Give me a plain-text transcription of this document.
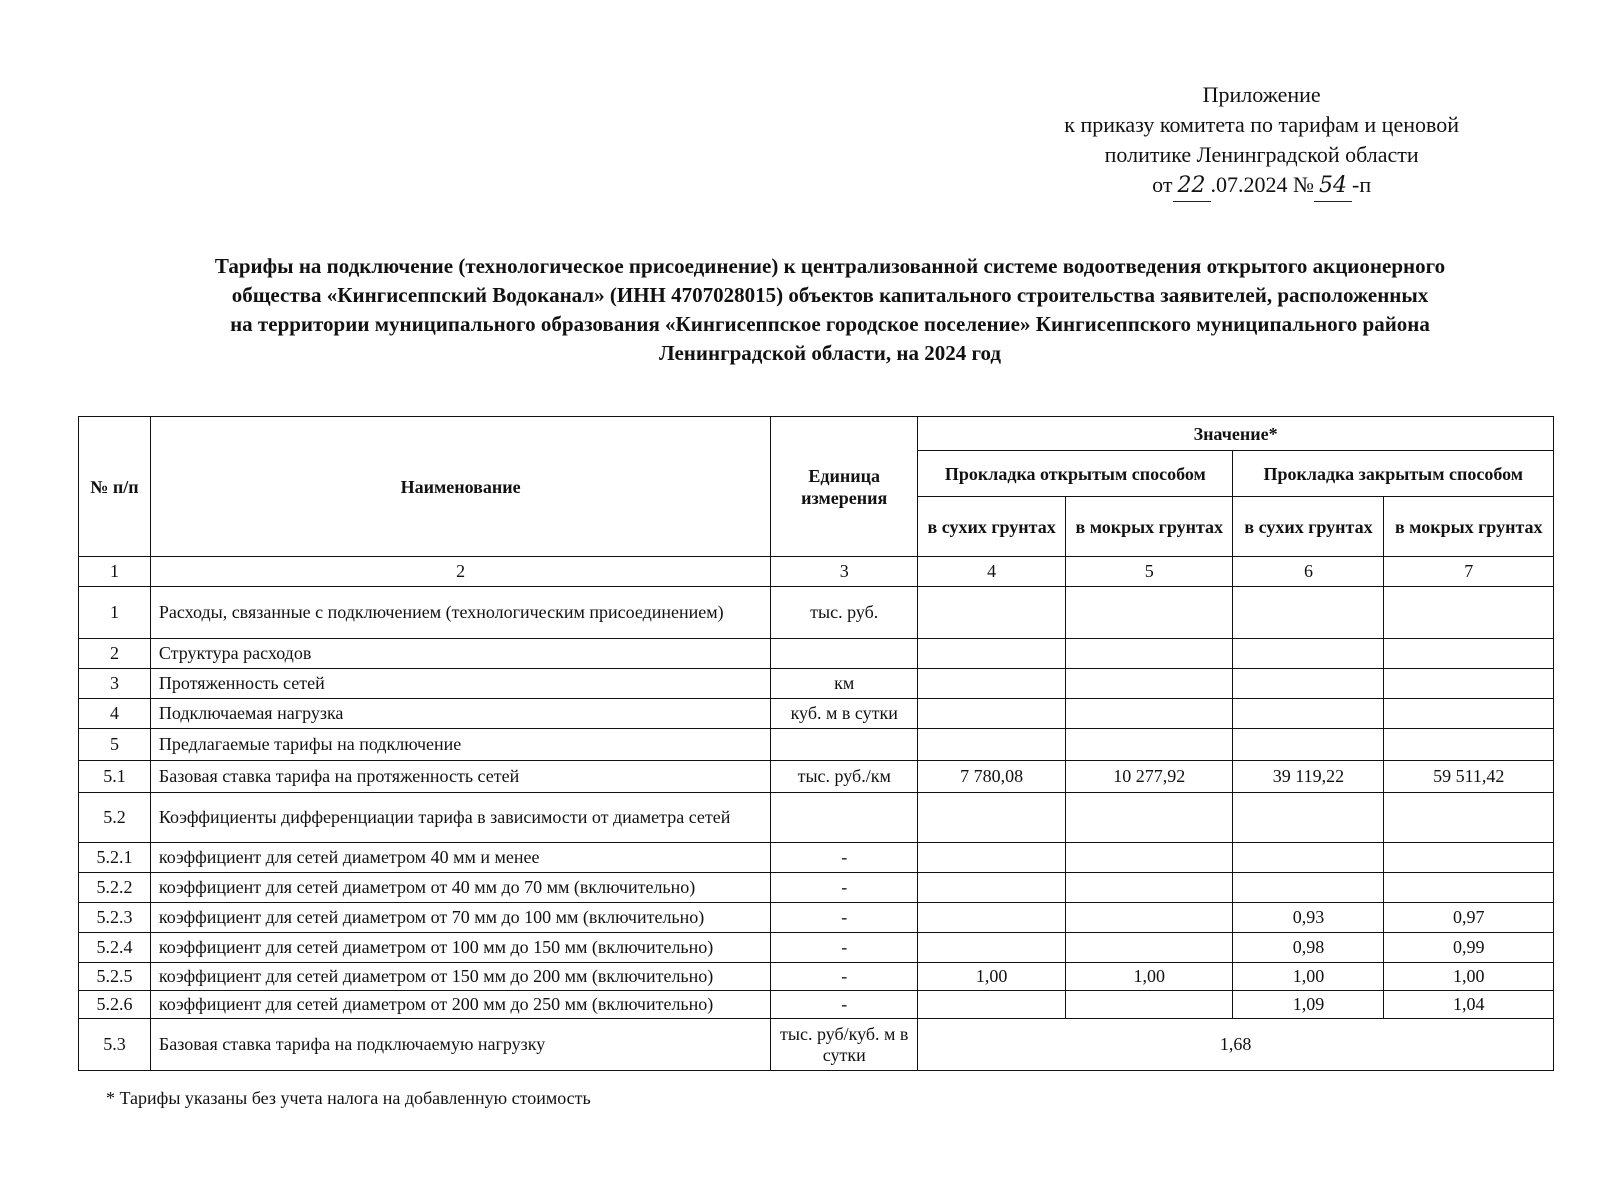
Приложение
к приказу комитета по тарифам и ценовой
политике Ленинградской области
от 22 .07.2024 № 54 -п
Тарифы на подключение (технологическое присоединение) к централизованной системе водоотведения открытого акционерного
общества «Кингисеппский Водоканал» (ИНН 4707028015) объектов капитального строительства заявителей, расположенных
на территории муниципального образования «Кингисеппское городское поселение» Кингисеппского муниципального района
Ленинградской области, на 2024 год
№ п/п	Наименование	Единица измерения	Значение*			
			Прокладка открытым способом		Прокладка закрытым способом	
			в сухих грунтах	в мокрых грунтах	в сухих грунтах	в мокрых грунтах
1	2	3	4	5	6	7
1	Расходы, связанные с подключением (технологическим присоединением)	тыс. руб.				
2	Структура расходов					
3	Протяженность сетей	км				
4	Подключаемая нагрузка	куб. м в сутки				
5	Предлагаемые тарифы на подключение					
5.1	Базовая ставка тарифа на протяженность сетей	тыс. руб./км	7 780,08	10 277,92	39 119,22	59 511,42
5.2	Коэффициенты дифференциации тарифа в зависимости от диаметра сетей					
5.2.1	коэффициент для сетей диаметром 40 мм и менее	-				
5.2.2	коэффициент для сетей диаметром от 40 мм до 70 мм (включительно)	-				
5.2.3	коэффициент для сетей диаметром от 70 мм до 100 мм (включительно)	-			0,93	0,97
5.2.4	коэффициент для сетей диаметром от 100 мм до 150 мм (включительно)	-			0,98	0,99
5.2.5	коэффициент для сетей диаметром от 150 мм до 200 мм (включительно)	-	1,00	1,00	1,00	1,00
5.2.6	коэффициент для сетей диаметром от 200 мм до 250 мм (включительно)	-			1,09	1,04
5.3	Базовая ставка тарифа на подключаемую нагрузку	тыс. руб/куб. м в сутки	1,68			
* Тарифы указаны без учета налога на добавленную стоимость
